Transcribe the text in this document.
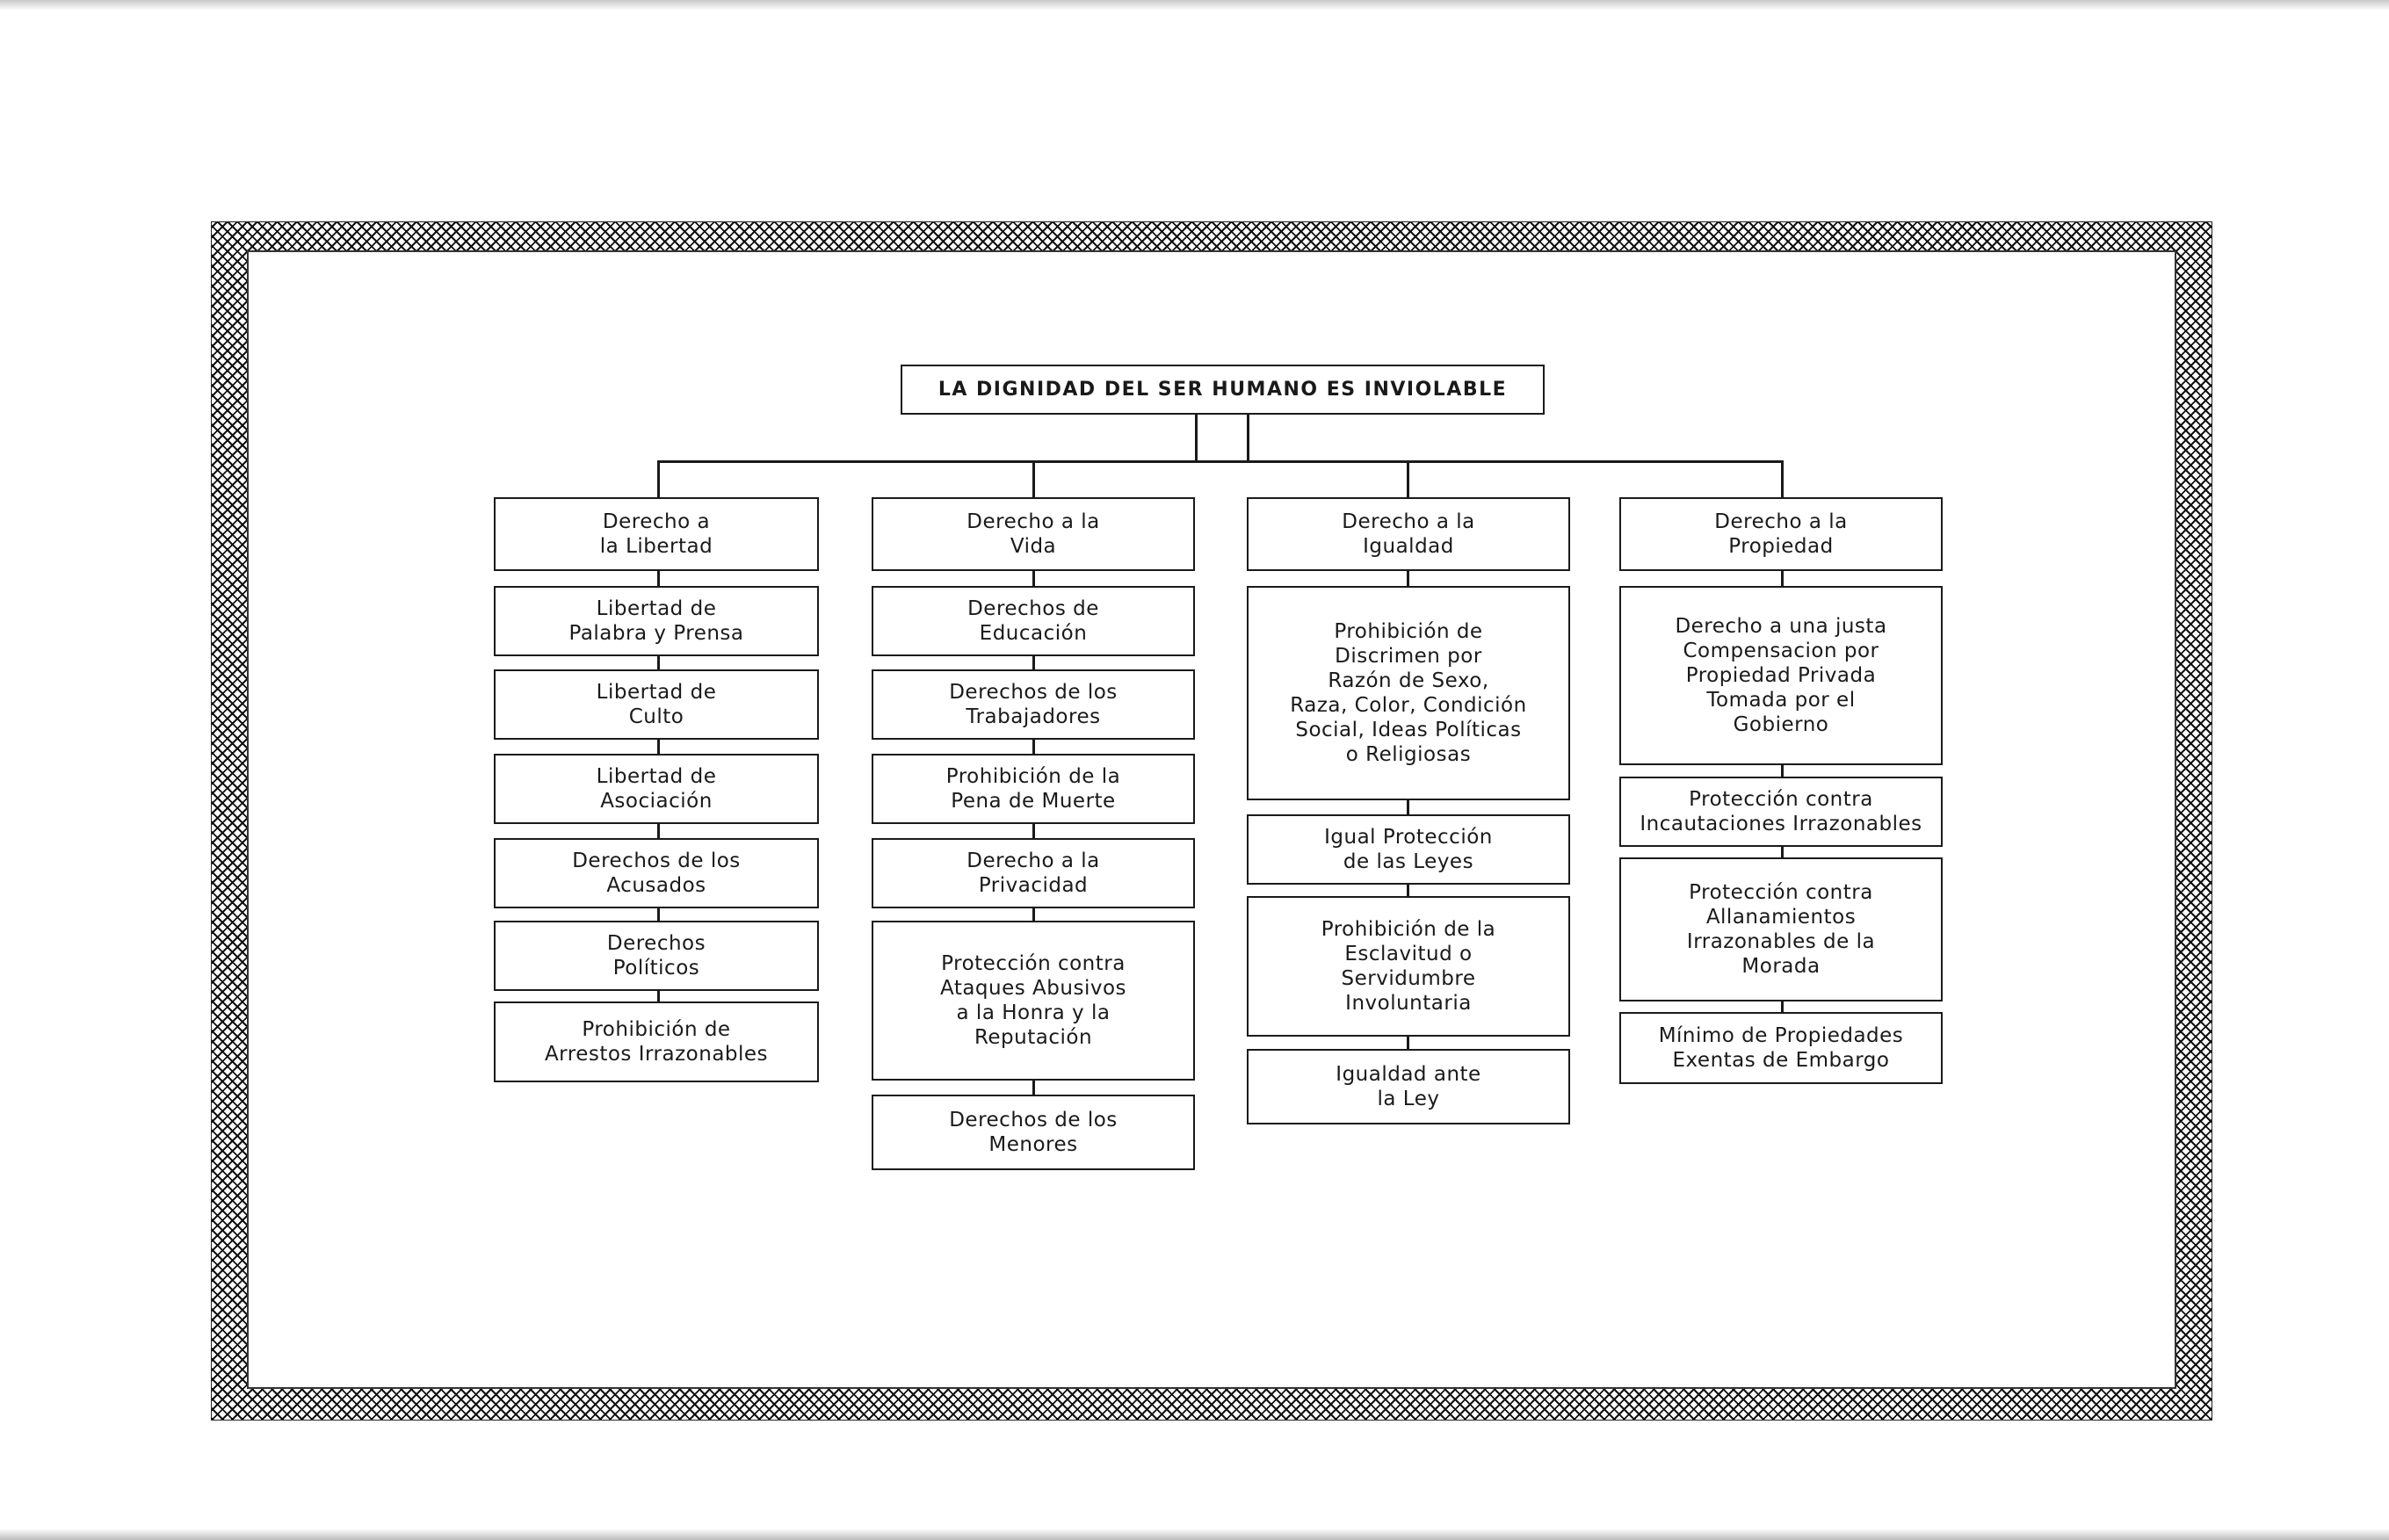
LA DIGNIDAD DEL SER HUMANO ES INVIOLABLE
Derecho a
la Libertad
Libertad de
Palabra y Prensa
Libertad de
Culto
Libertad de
Asociación
Derechos de los
Acusados
Derechos
Políticos
Prohibición de
Arrestos Irrazonables
Derecho a la
Vida
Derechos de
Educación
Derechos de los
Trabajadores
Prohibición de la
Pena de Muerte
Derecho a la
Privacidad
Protección contra
Ataques Abusivos
a la Honra y la
Reputación
Derechos de los
Menores
Derecho a la
Igualdad
Prohibición de
Discrimen por
Razón de Sexo,
Raza, Color, Condición
Social, Ideas Políticas
o Religiosas
Igual Protección
de las Leyes
Prohibición de la
Esclavitud o
Servidumbre
Involuntaria
Igualdad ante
la Ley
Derecho a la
Propiedad
Derecho a una justa
Compensacion por
Propiedad Privada
Tomada por el
Gobierno
Protección contra
Incautaciones Irrazonables
Protección contra
Allanamientos
Irrazonables de la
Morada
Mínimo de Propiedades
Exentas de Embargo
